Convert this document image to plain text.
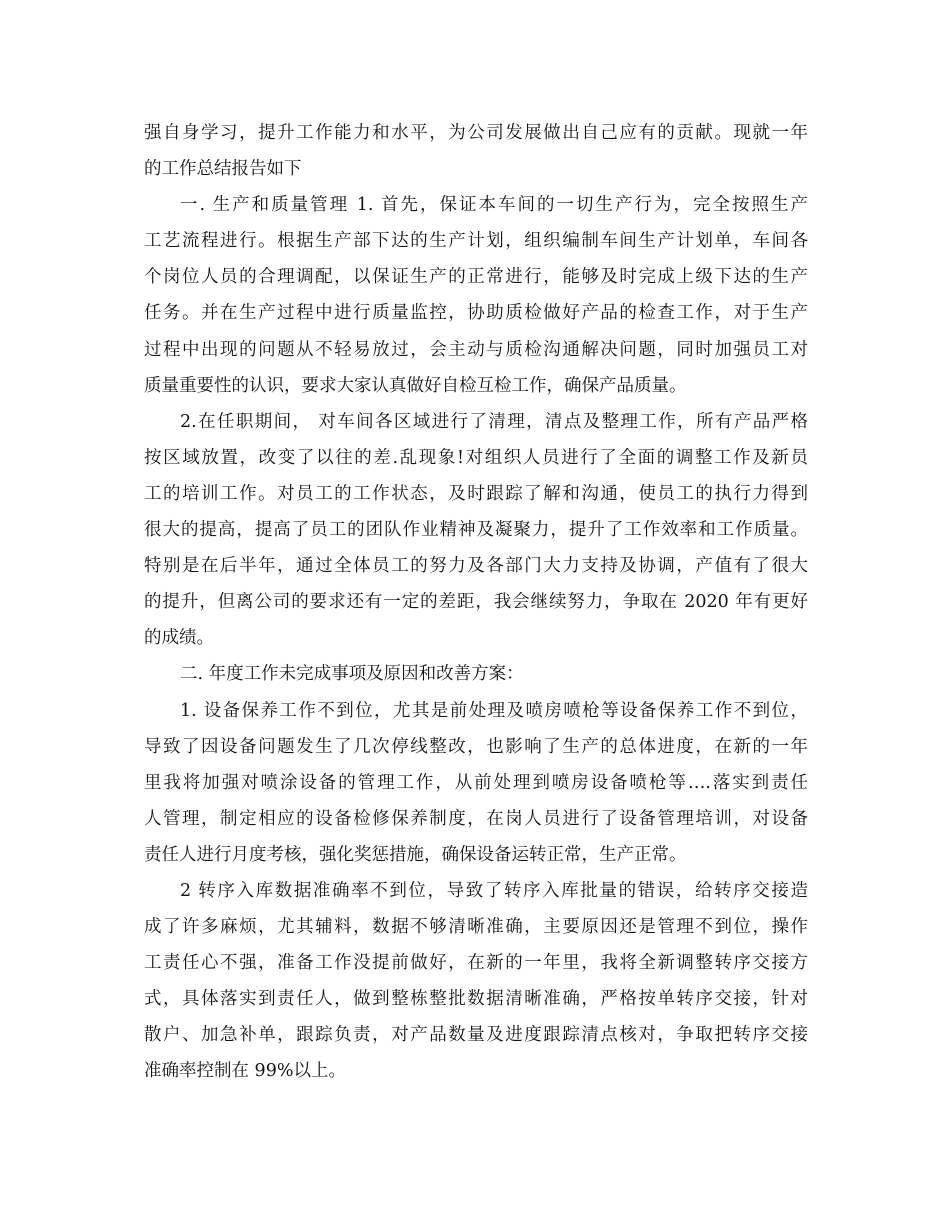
强自身学习，提升工作能力和水平，为公司发展做出自己应有的贡献。现就一年
的工作总结报告如下
一. 生产和质量管理 1. 首先，保证本车间的一切生产行为，完全按照生产
工艺流程进行。根据生产部下达的生产计划，组织编制车间生产计划单，车间各
个岗位人员的合理调配，以保证生产的正常进行，能够及时完成上级下达的生产
任务。并在生产过程中进行质量监控，协助质检做好产品的检查工作，对于生产
过程中出现的问题从不轻易放过，会主动与质检沟通解决问题，同时加强员工对
质量重要性的认识，要求大家认真做好自检互检工作，确保产品质量。
2.在任职期间， 对车间各区域进行了清理，清点及整理工作，所有产品严格
按区域放置，改变了以往的差.乱现象!对组织人员进行了全面的调整工作及新员
工的培训工作。对员工的工作状态，及时跟踪了解和沟通，使员工的执行力得到
很大的提高，提高了员工的团队作业精神及凝聚力，提升了工作效率和工作质量。
特别是在后半年，通过全体员工的努力及各部门大力支持及协调，产值有了很大
的提升，但离公司的要求还有一定的差距，我会继续努力，争取在 2020 年有更好
的成绩。
二. 年度工作未完成事项及原因和改善方案：
1. 设备保养工作不到位，尤其是前处理及喷房喷枪等设备保养工作不到位，
导致了因设备问题发生了几次停线整改，也影响了生产的总体进度，在新的一年
里我将加强对喷涂设备的管理工作，从前处理到喷房设备喷枪等….落实到责任
人管理，制定相应的设备检修保养制度，在岗人员进行了设备管理培训，对设备
责任人进行月度考核，强化奖惩措施，确保设备运转正常，生产正常。
2 转序入库数据准确率不到位，导致了转序入库批量的错误，给转序交接造
成了许多麻烦，尤其辅料，数据不够清晰准确，主要原因还是管理不到位，操作
工责任心不强，准备工作没提前做好，在新的一年里，我将全新调整转序交接方
式，具体落实到责任人，做到整栋整批数据清晰准确，严格按单转序交接，针对
散户、加急补单，跟踪负责，对产品数量及进度跟踪清点核对，争取把转序交接
准确率控制在 99%以上。
